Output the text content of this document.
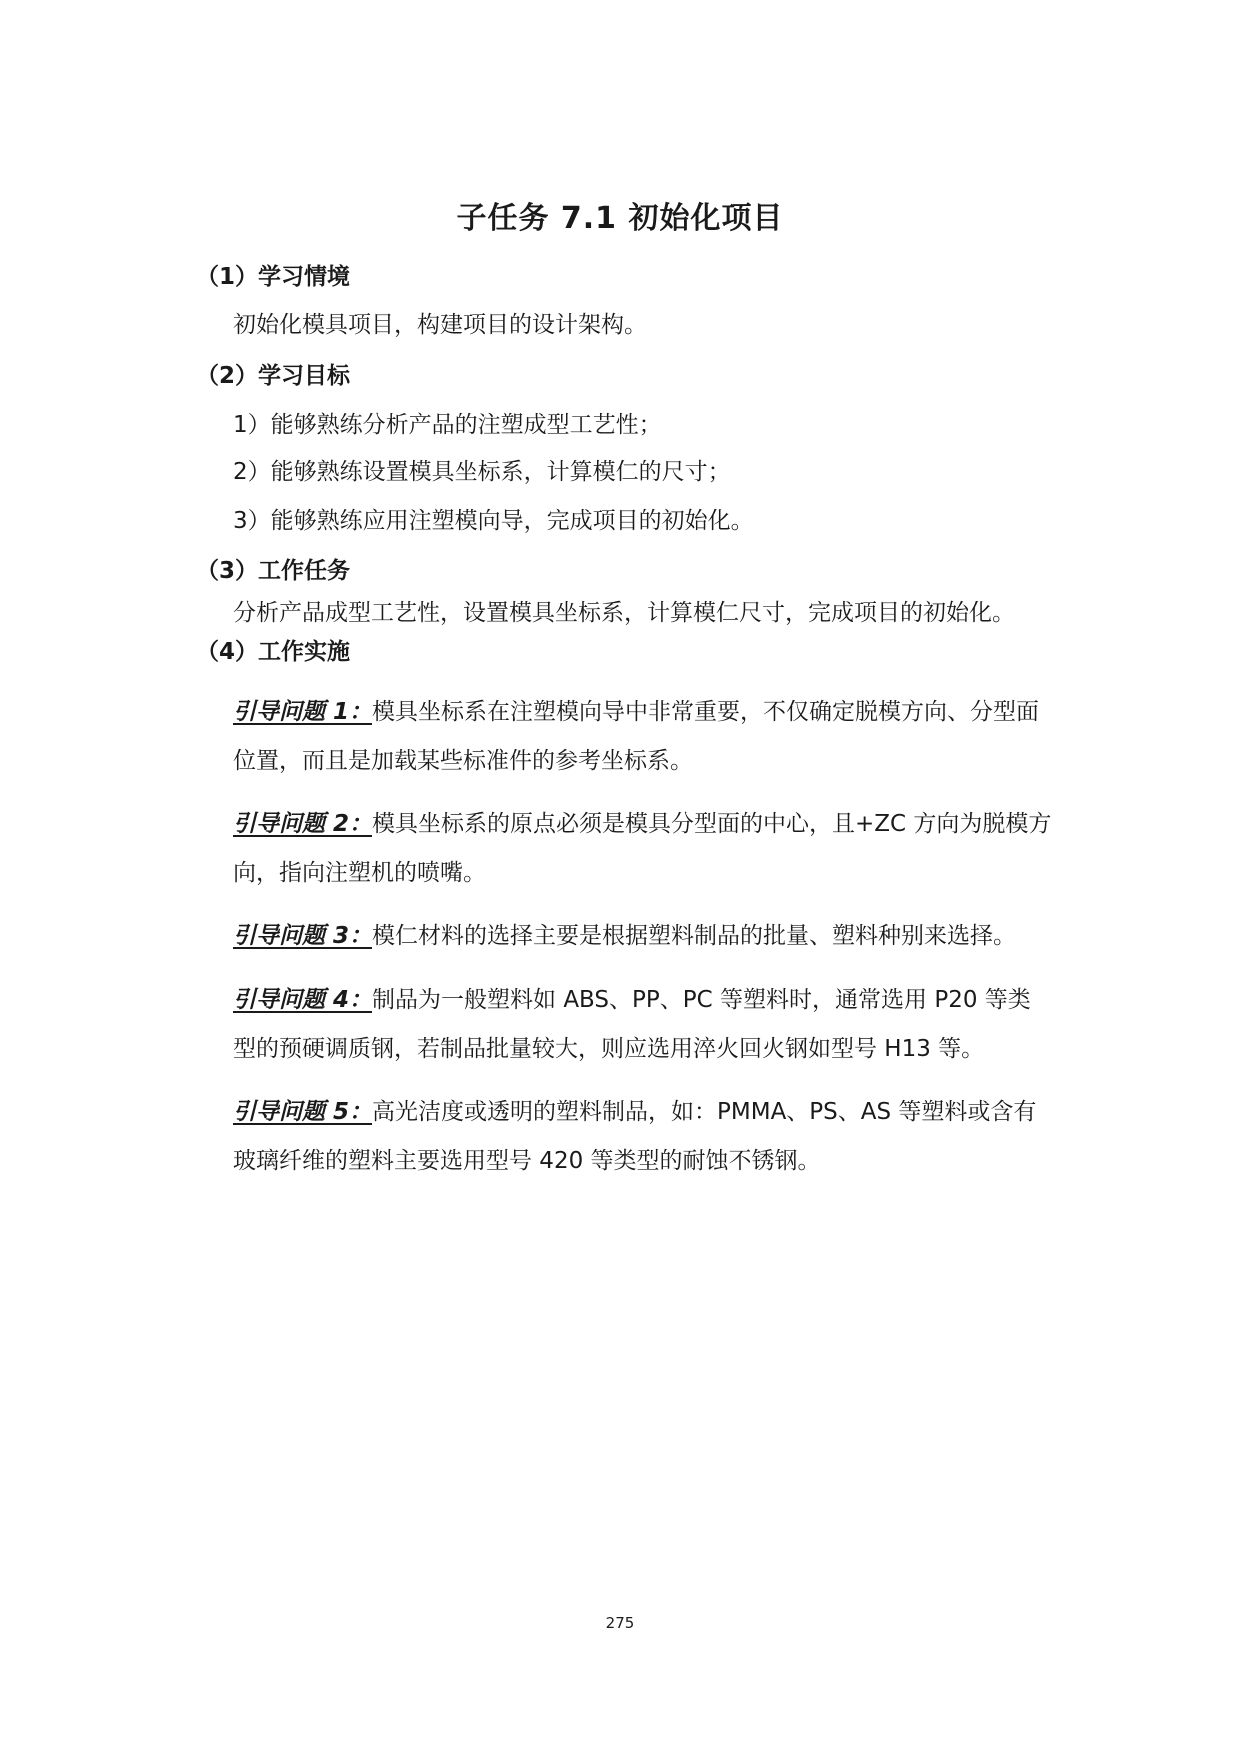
子任务 7.1 初始化项目
（1）学习情境
初始化模具项目，构建项目的设计架构。
（2）学习目标
1）能够熟练分析产品的注塑成型工艺性；
2）能够熟练设置模具坐标系，计算模仁的尺寸；
3）能够熟练应用注塑模向导，完成项目的初始化。
（3）工作任务
分析产品成型工艺性，设置模具坐标系，计算模仁尺寸，完成项目的初始化。
（4）工作实施
引导问题 1：模具坐标系在注塑模向导中非常重要，不仅确定脱模方向、分型面位置，而且是加载某些标准件的参考坐标系。
引导问题 2：模具坐标系的原点必须是模具分型面的中心，且+ZC 方向为脱模方向，指向注塑机的喷嘴。
引导问题 3：模仁材料的选择主要是根据塑料制品的批量、塑料种别来选择。
引导问题 4：制品为一般塑料如 ABS、PP、PC 等塑料时，通常选用 P20 等类型的预硬调质钢，若制品批量较大，则应选用淬火回火钢如型号 H13 等。
引导问题 5：高光洁度或透明的塑料制品，如：PMMA、PS、AS 等塑料或含有玻璃纤维的塑料主要选用型号 420 等类型的耐蚀不锈钢。
275
